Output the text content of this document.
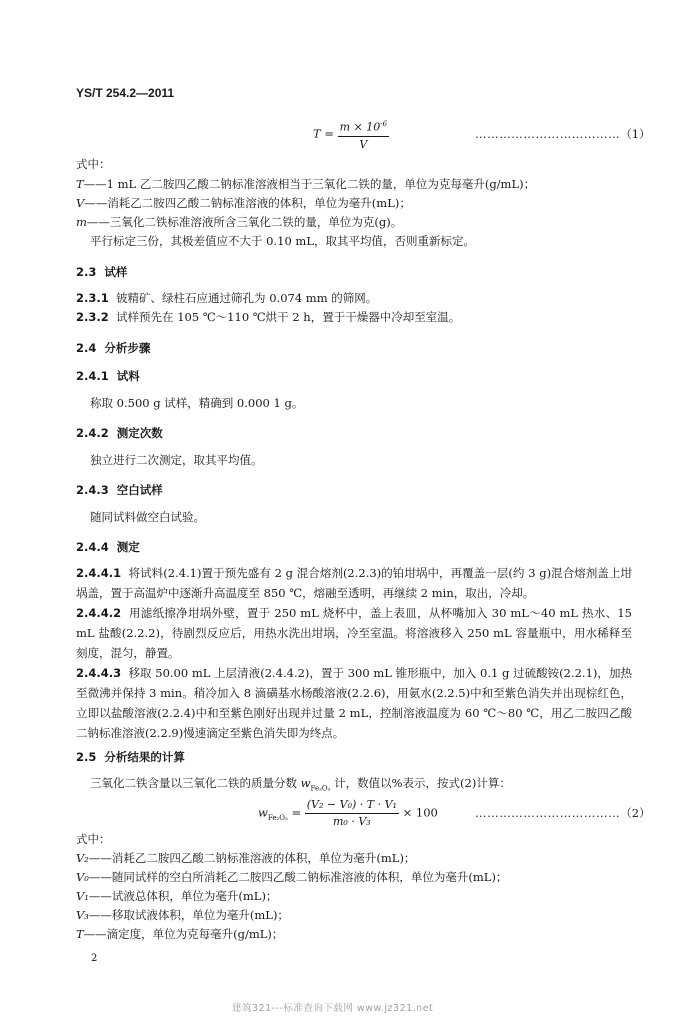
YS/T 254.2—2011
$T = \frac{m \times 10^{-6}}{V}$	………………………………（1）
式中：
T——1 mL 乙二胺四乙酸二钠标准溶液相当于三氧化二铁的量，单位为克每毫升(g/mL)；
V——消耗乙二胺四乙酸二钠标准溶液的体积，单位为毫升(mL)；
m——三氧化二铁标准溶液所含三氧化二铁的量，单位为克(g)。
平行标定三份，其极差值应不大于 0.10 mL，取其平均值，否则重新标定。
2.3 试样
2.3.1 铍精矿、绿柱石应通过筛孔为 0.074 mm 的筛网。
2.3.2 试样预先在 105 ℃～110 ℃烘干 2 h，置于干燥器中冷却至室温。
2.4 分析步骤
2.4.1 试料
称取 0.500 g 试样，精确到 0.000 1 g。
2.4.2 测定次数
独立进行二次测定，取其平均值。
2.4.3 空白试样
随同试料做空白试验。
2.4.4 测定
2.4.4.1 将试料(2.4.1)置于预先盛有 2 g 混合熔剂(2.2.3)的铂坩埚中，再覆盖一层(约 3 g)混合熔剂盖上坩埚盖，置于高温炉中逐渐升高温度至 850 ℃，熔融至透明，再继续 2 min，取出，冷却。
2.4.4.2 用滤纸擦净坩埚外壁，置于 250 mL 烧杯中，盖上表皿，从杯嘴加入 30 mL～40 mL 热水、15 mL 盐酸(2.2.2)，待剧烈反应后，用热水洗出坩埚，冷至室温。将溶液移入 250 mL 容量瓶中，用水稀释至刻度，混匀，静置。
2.4.4.3 移取 50.00 mL 上层清液(2.4.4.2)，置于 300 mL 锥形瓶中，加入 0.1 g 过硫酸铵(2.2.1)，加热至微沸并保持 3 min。稍冷加入 8 滴磺基水杨酸溶液(2.2.6)，用氨水(2.2.5)中和至紫色消失并出现棕红色，立即以盐酸溶液(2.2.4)中和至紫色刚好出现并过量 2 mL，控制溶液温度为 60 ℃～80 ℃，用乙二胺四乙酸二钠标准溶液(2.2.9)慢速滴定至紫色消失即为终点。
2.5 分析结果的计算
三氧化二铁含量以三氧化二铁的质量分数 $w_{Fe_2O_3}$ 计，数值以%表示，按式(2)计算：
$w_{Fe_2O_3} = \frac{\text{(V₂ − V₀) · T · V₁}}{\text{m₀ · V₃}} \times 100$	………………………………（2）
式中：
V₂——消耗乙二胺四乙酸二钠标准溶液的体积，单位为毫升(mL)；
V₀——随同试样的空白所消耗乙二胺四乙酸二钠标准溶液的体积，单位为毫升(mL)；
V₁——试液总体积，单位为毫升(mL)；
V₃——移取试液体积，单位为毫升(mL)；
T——滴定度，单位为克每毫升(g/mL)；
2
建筑321---标准查询下载网 www.jz321.net
